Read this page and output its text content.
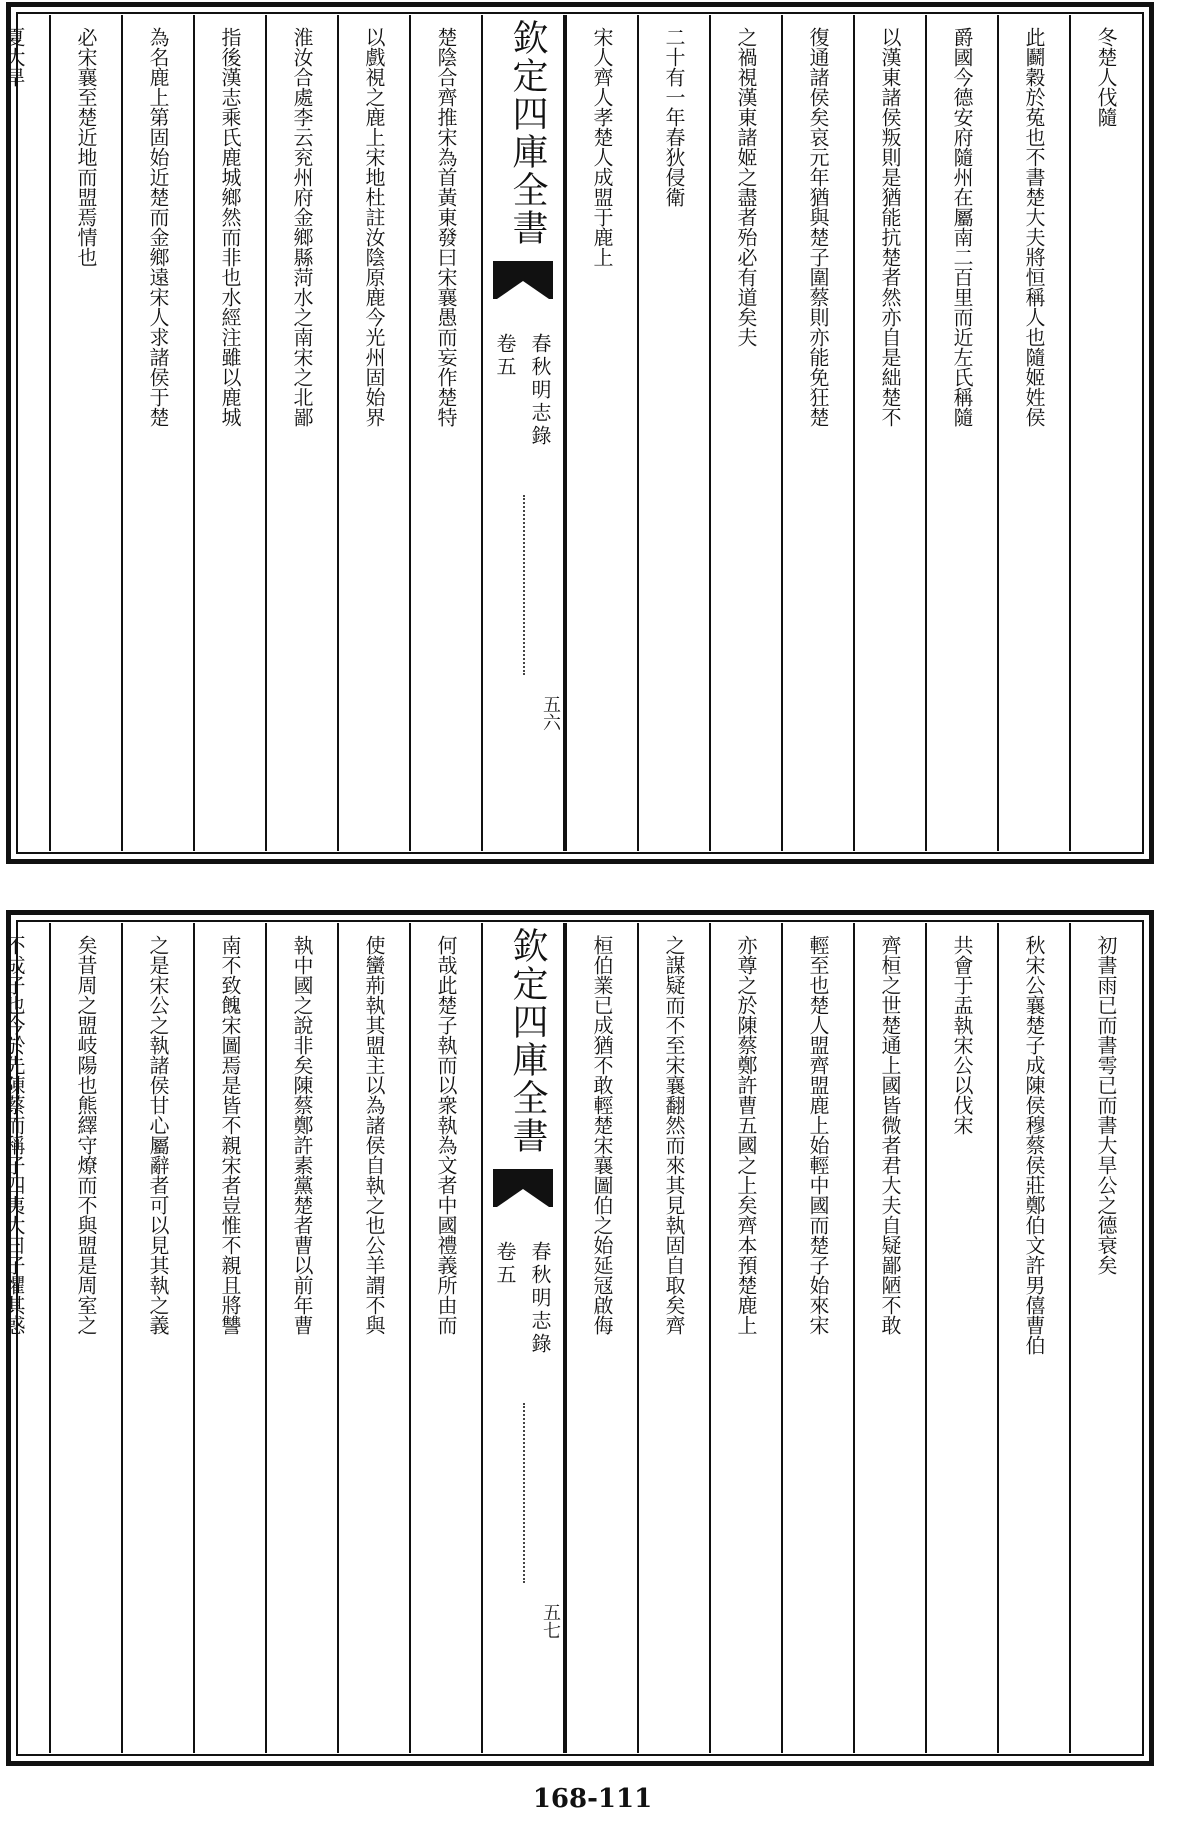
冬楚人伐隨
此鬬穀於菟也不書楚大夫將恒稱人也隨姬姓侯
爵國今德安府隨州在屬南二百里而近左氏稱隨
以漢東諸侯叛則是猶能抗楚者然亦自是絀楚不
復通諸侯矣哀元年猶與楚子圍蔡則亦能免狂楚
之禍視漢東諸姬之盡者殆必有道矣夫
二十有一年春狄侵衛
宋人齊人孝楚人成盟于鹿上
欽定四庫全書
春秋明志錄
卷五
五六
楚陰合齊推宋為首黃東發曰宋襄愚而妄作楚特
以戲視之鹿上宋地杜註汝陰原鹿今光州固始界
淮汝合處李云兖州府金鄉縣菏水之南宋之北鄙
指後漢志乘氏鹿城鄉然而非也水經注雖以鹿城
為名鹿上第固始近楚而金鄉遠宋人求諸侯于楚
必宋襄至楚近地而盟焉情也
夏大旱
初書雨已而書雩已而書大旱公之德衰矣
秋宋公襄楚子成陳侯穆蔡侯莊鄭伯文許男僖曹伯
共會于盂執宋公以伐宋
齊桓之世楚通上國皆微者君大夫自疑鄙陋不敢
輕至也楚人盟齊盟鹿上始輕中國而楚子始來宋
亦尊之於陳蔡鄭許曹五國之上矣齊本預楚鹿上
之謀疑而不至宋襄翻然而來其見執固自取矣齊
桓伯業已成猶不敢輕楚宋襄圖伯之始延冦啟侮
欽定四庫全書
春秋明志錄
卷五
五七
何哉此楚子執而以衆執為文者中國禮義所由而
使蠻荊執其盟主以為諸侯自執之也公羊謂不與
執中國之說非矣陳蔡鄭許素黨楚者曹以前年曹
南不致餽宋圖焉是皆不親宋者豈惟不親且將讐
之是宋公之執諸侯甘心屬辭者可以見其執之義
矣昔周之盟岐陽也熊繹守燎而不與盟是周室之
不成子也今於先陳蔡而稱子四夷大曰子懼其惑
168-111
